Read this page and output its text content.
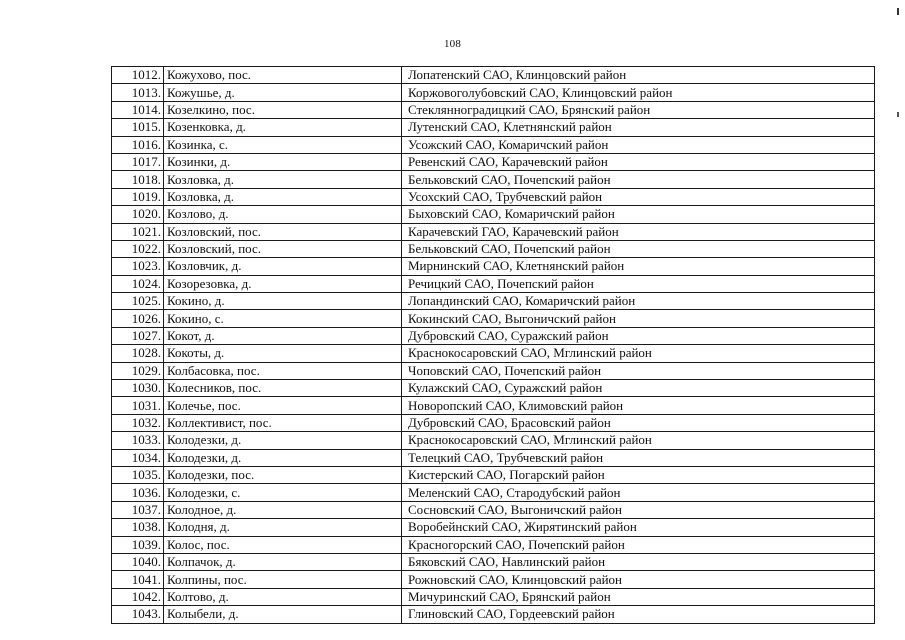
108
1012.	Кожухово, пос.	Лопатенский САО, Клинцовский район
1013.	Кожушье, д.	Коржовоголубовский САО, Клинцовский район
1014.	Козелкино, пос.	Стеклянноградицкий САО, Брянский район
1015.	Козенковка, д.	Лутенский САО, Клетнянский район
1016.	Козинка, с.	Усожский САО, Комаричский район
1017.	Козинки, д.	Ревенский САО, Карачевский район
1018.	Козловка, д.	Бельковский САО, Почепский район
1019.	Козловка, д.	Усохский САО, Трубчевский район
1020.	Козлово, д.	Быховский САО, Комаричский район
1021.	Козловский, пос.	Карачевский ГАО, Карачевский район
1022.	Козловский, пос.	Бельковский САО, Почепский район
1023.	Козловчик, д.	Мирнинский САО, Клетнянский район
1024.	Козорезовка, д.	Речицкий САО, Почепский район
1025.	Кокино, д.	Лопандинский САО, Комаричский район
1026.	Кокино, с.	Кокинский САО, Выгоничский район
1027.	Кокот, д.	Дубровский САО, Суражский район
1028.	Кокоты, д.	Краснокосаровский САО, Мглинский район
1029.	Колбасовка, пос.	Чоповский САО, Почепский район
1030.	Колесников, пос.	Кулажский САО, Суражский район
1031.	Колечье, пос.	Новоропский САО, Климовский район
1032.	Коллективист, пос.	Дубровский САО, Брасовский район
1033.	Колодезки, д.	Краснокосаровский САО, Мглинский район
1034.	Колодезки, д.	Телецкий САО, Трубчевский район
1035.	Колодезки, пос.	Кистерский САО, Погарский район
1036.	Колодезки, с.	Меленский САО, Стародубский район
1037.	Колодное, д.	Сосновский САО, Выгоничский район
1038.	Колодня, д.	Воробейнский САО, Жирятинский район
1039.	Колос, пос.	Красногорский САО, Почепский район
1040.	Колпачок, д.	Бяковский САО, Навлинский район
1041.	Колпины, пос.	Рожновский САО, Клинцовский район
1042.	Колтово, д.	Мичуринский САО, Брянский район
1043.	Колыбели, д.	Глиновский САО, Гордеевский район
